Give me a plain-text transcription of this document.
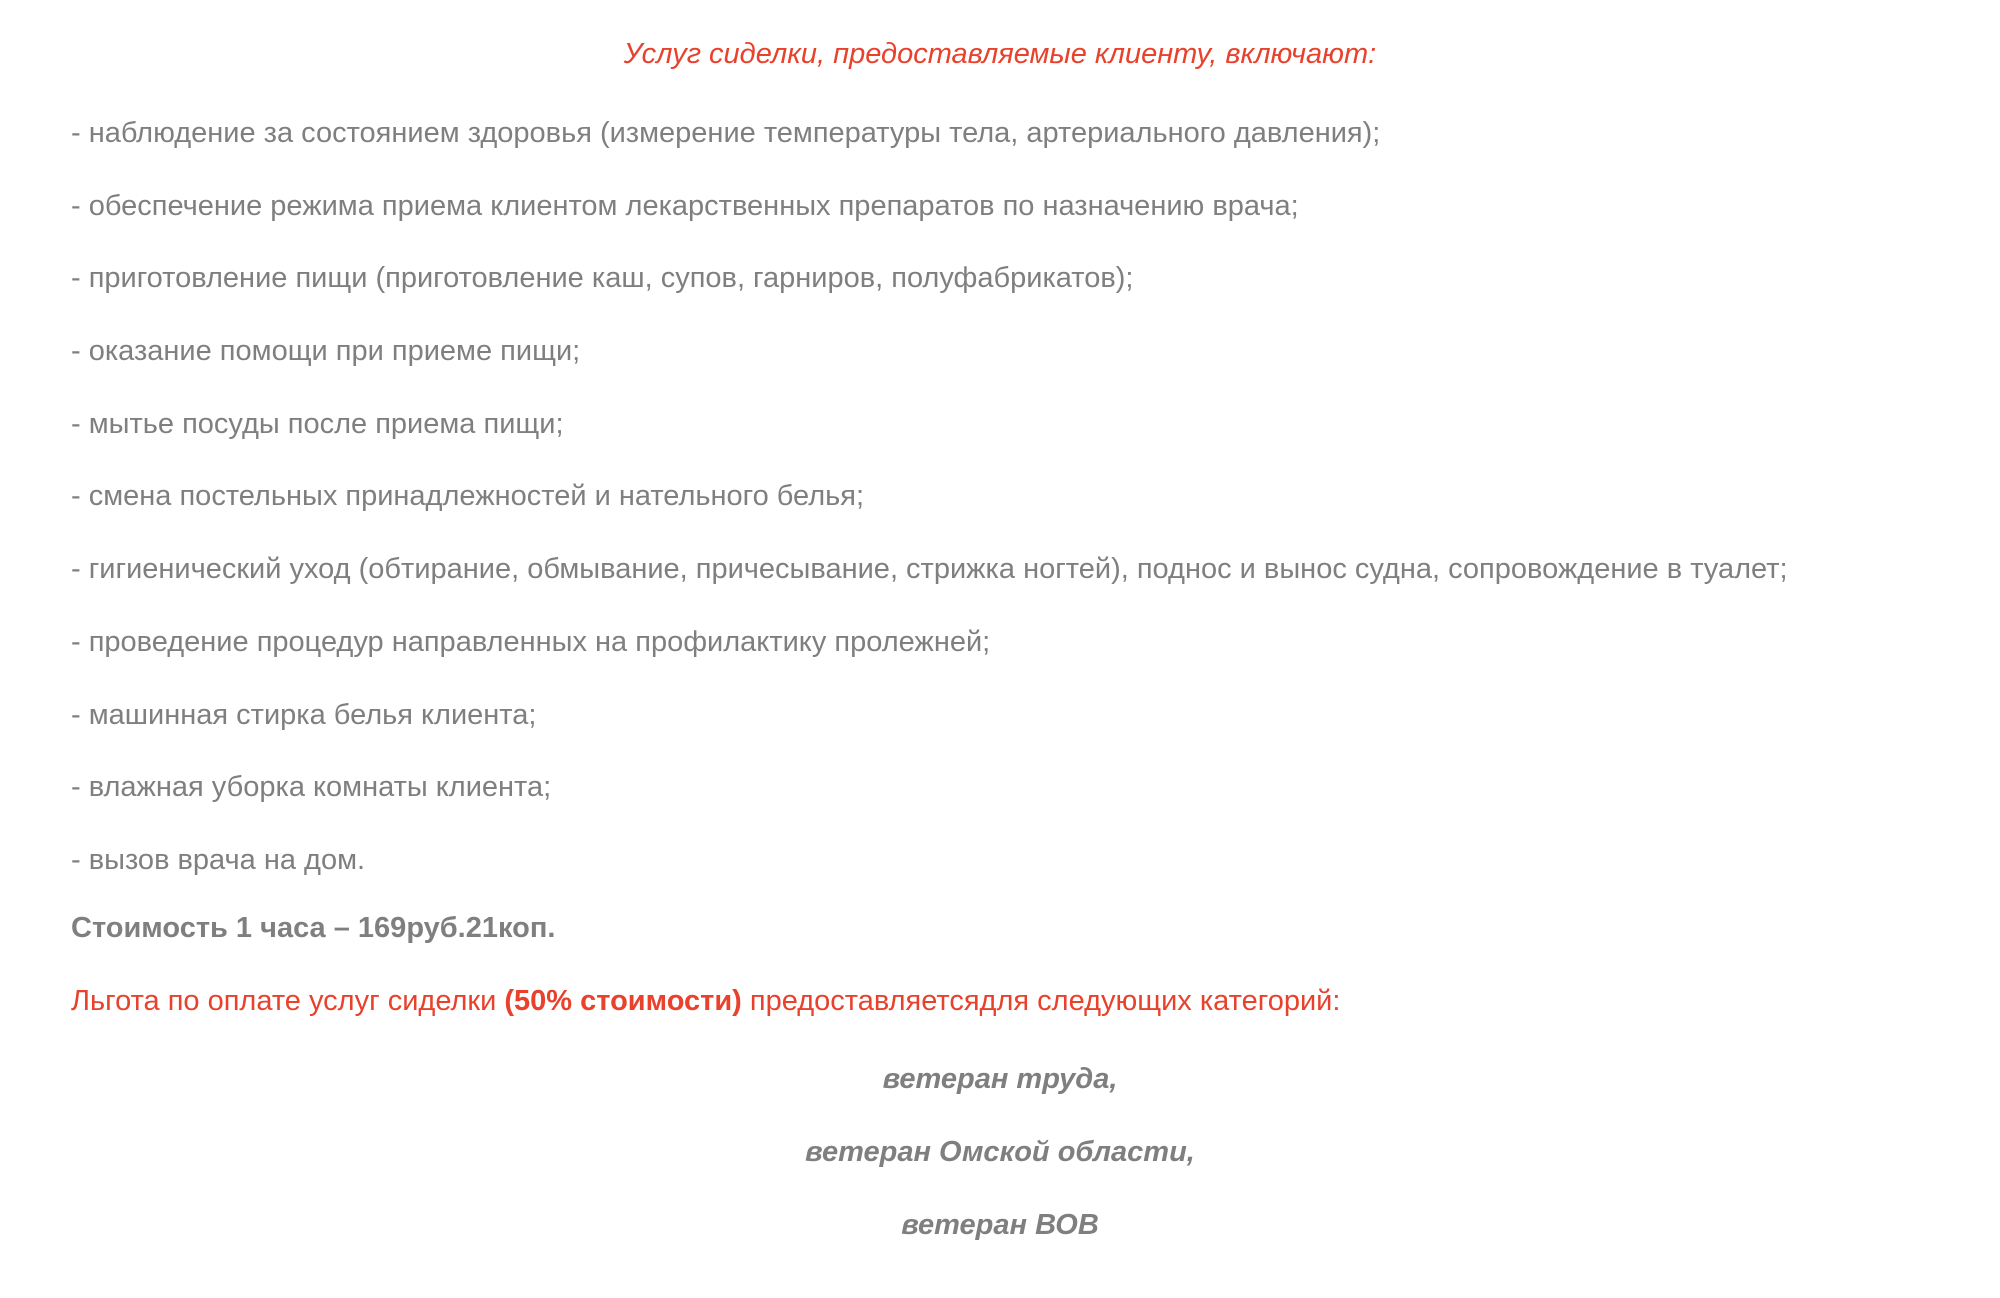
Услуг сиделки, предоставляемые клиенту, включают:
- наблюдение за состоянием здоровья (измерение температуры тела, артериального давления);
- обеспечение режима приема клиентом лекарственных препаратов по назначению врача;
- приготовление пищи (приготовление каш, супов, гарниров, полуфабрикатов);
- оказание помощи при приеме пищи;
- мытье посуды после приема пищи;
- смена постельных принадлежностей и нательного белья;
- гигиенический уход (обтирание, обмывание, причесывание, стрижка ногтей), поднос и вынос судна, сопровождение в туалет;
- проведение процедур направленных на профилактику пролежней;
- машинная стирка белья клиента;
- влажная уборка комнаты клиента;
- вызов врача на дом.
Стоимость 1 часа – 169руб.21коп.
Льгота по оплате услуг сиделки (50% стоимости) предоставляетсядля следующих категорий:
ветеран труда,
ветеран Омской области,
ветеран ВОВ
